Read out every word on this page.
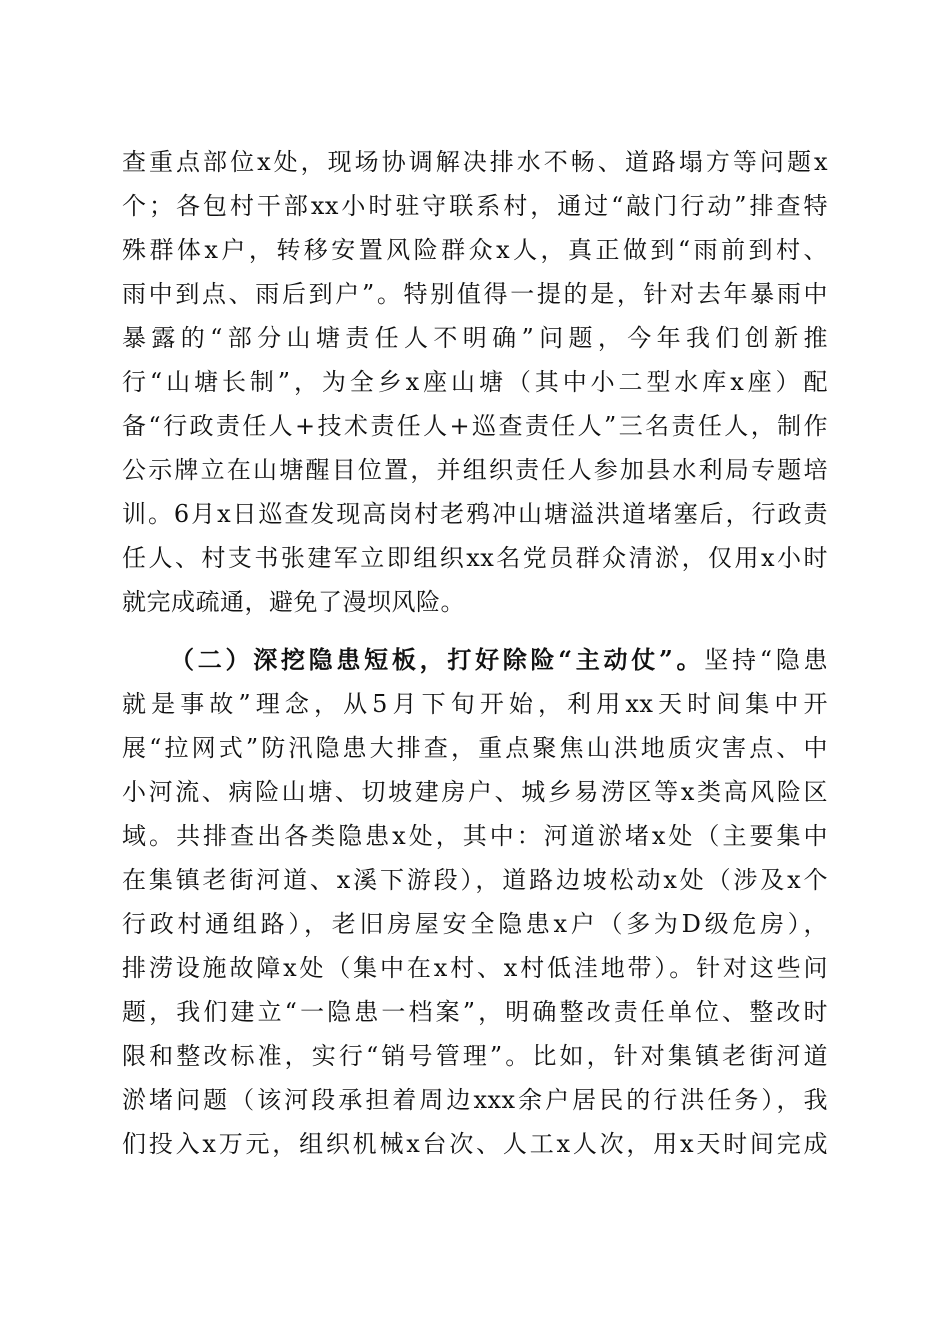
查重点部位x处，现场协调解决排水不畅、道路塌方等问题x
个；各包村干部xx小时驻守联系村，通过“敲门行动”排查特
殊群体x户，转移安置风险群众x人，真正做到“雨前到村、
雨中到点、雨后到户”。特别值得一提的是，针对去年暴雨中
暴露的“部分山塘责任人不明确”问题，今年我们创新推
行“山塘长制”，为全乡x座山塘（其中小二型水库x座）配
备“行政责任人+技术责任人+巡查责任人”三名责任人，制作
公示牌立在山塘醒目位置，并组织责任人参加县水利局专题培
训。6月x日巡查发现高岗村老鸦冲山塘溢洪道堵塞后，行政责
任人、村支书张建军立即组织xx名党员群众清淤，仅用x小时
就完成疏通，避免了漫坝风险。
（二）深挖隐患短板，打好除险“主动仗”。坚持“隐患
就是事故”理念，从5月下旬开始，利用xx天时间集中开
展“拉网式”防汛隐患大排查，重点聚焦山洪地质灾害点、中
小河流、病险山塘、切坡建房户、城乡易涝区等x类高风险区
域。共排查出各类隐患x处，其中：河道淤堵x处（主要集中
在集镇老街河道、x溪下游段），道路边坡松动x处（涉及x个
行政村通组路），老旧房屋安全隐患x户（多为D级危房），
排涝设施故障x处（集中在x村、x村低洼地带）。针对这些问
题，我们建立“一隐患一档案”，明确整改责任单位、整改时
限和整改标准，实行“销号管理”。比如，针对集镇老街河道
淤堵问题（该河段承担着周边xxx余户居民的行洪任务），我
们投入x万元，组织机械x台次、人工x人次，用x天时间完成
